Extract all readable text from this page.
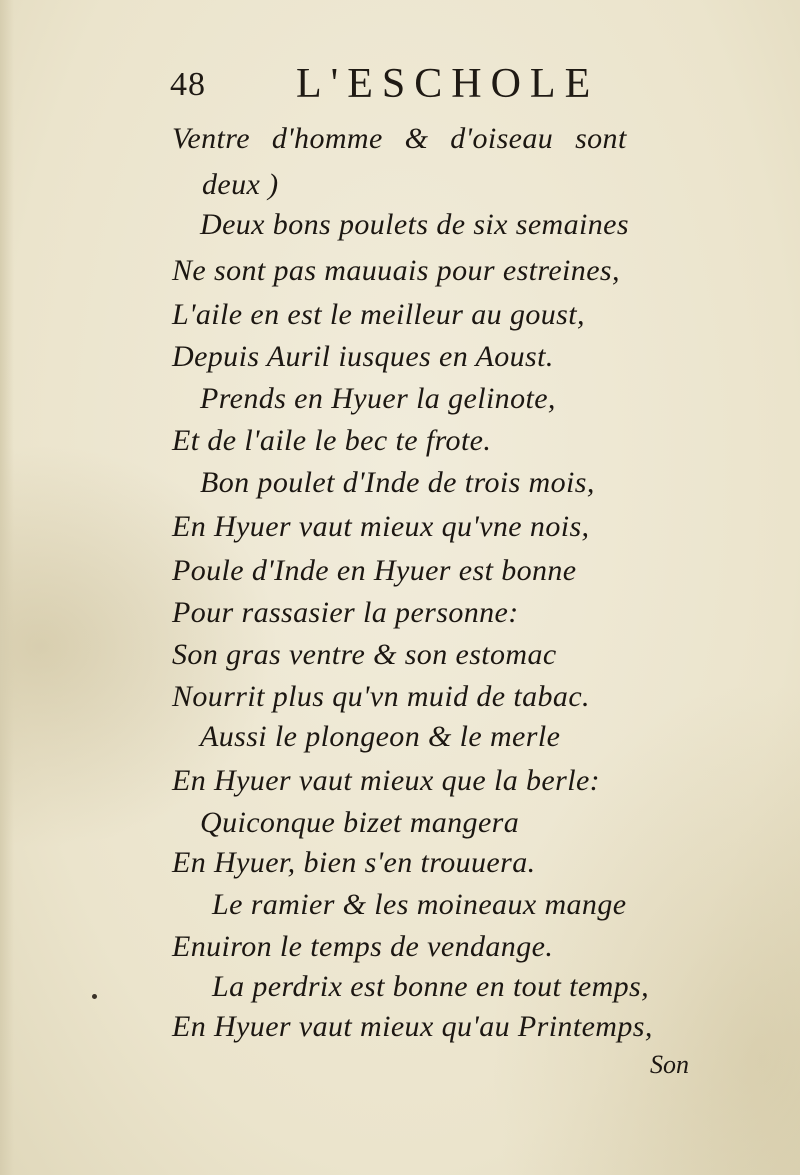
48 L'ESCHOLE
Ventre d'homme & d'oiseau sont
deux )
Deux bons poulets de six semaines
Ne sont pas mauuais pour estreines,
L'aile en est le meilleur au goust,
Depuis Auril iusques en Aoust.
Prends en Hyuer la gelinote,
Et de l'aile le bec te frote.
Bon poulet d'Inde de trois mois,
En Hyuer vaut mieux qu'vne nois,
Poule d'Inde en Hyuer est bonne
Pour rassasier la personne:
Son gras ventre & son estomac
Nourrit plus qu'vn muid de tabac.
Aussi le plongeon & le merle
En Hyuer vaut mieux que la berle:
Quiconque bizet mangera
En Hyuer, bien s'en trouuera.
Le ramier & les moineaux mange
Enuiron le temps de vendange.
La perdrix est bonne en tout temps,
En Hyuer vaut mieux qu'au Printemps,
Son
